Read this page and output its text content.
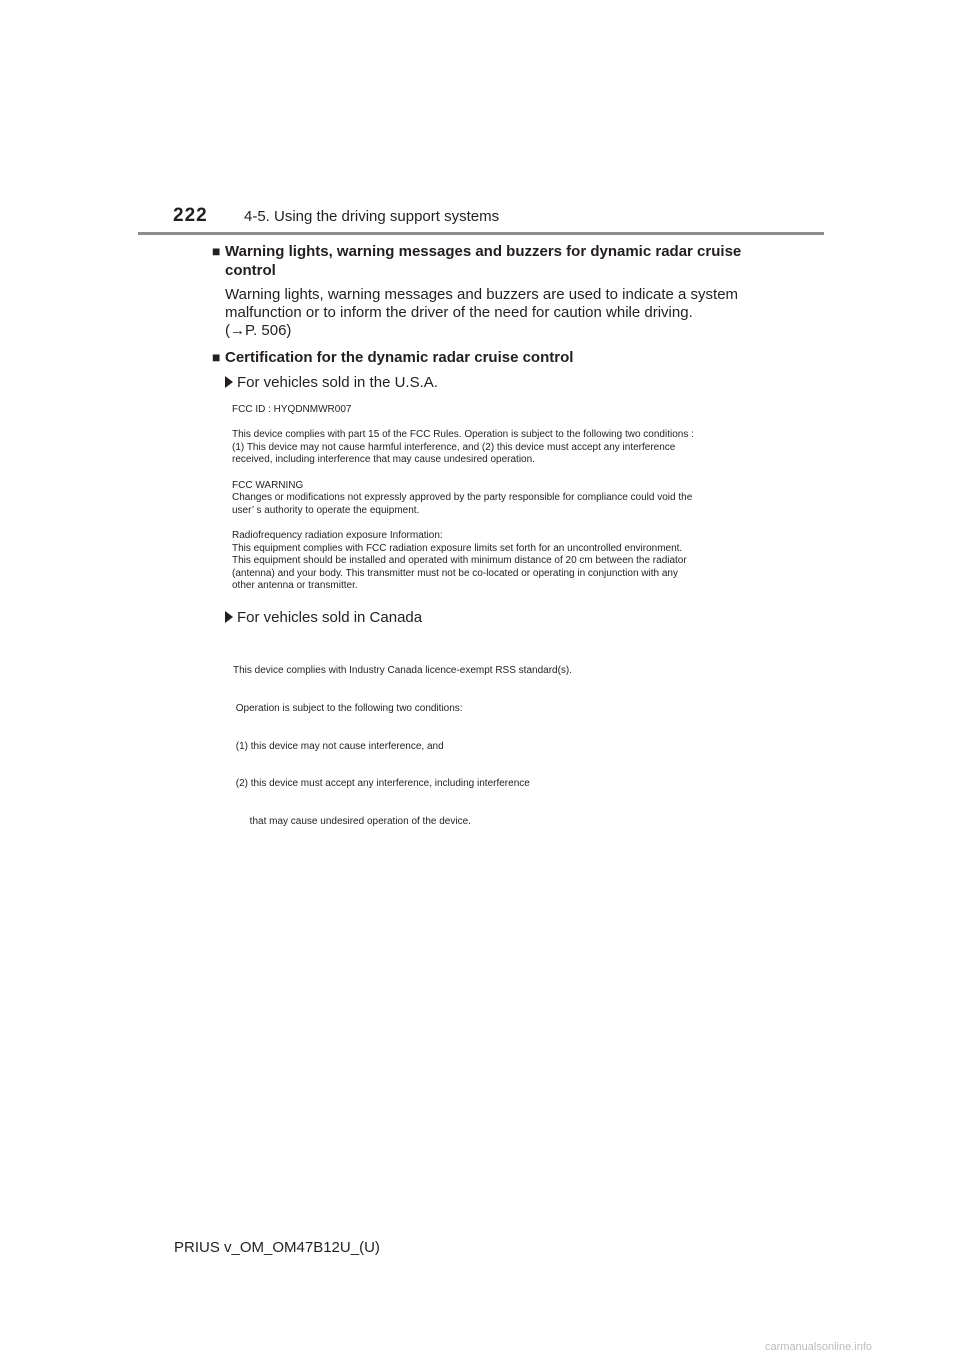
222 4-5. Using the driving support systems
■ Warning lights, warning messages and buzzers for dynamic radar cruise
control
Warning lights, warning messages and buzzers are used to indicate a system
malfunction or to inform the driver of the need for caution while driving.
(→P. 506)
■ Certification for the dynamic radar cruise control
For vehicles sold in the U.S.A.

FCC ID : HYQDNMWR007

This device complies with part 15 of the FCC Rules. Operation is subject to the following two conditions :

(1) This device may not cause harmful interference, and (2) this device must accept any interference

received, including interference that may cause undesired operation.

FCC WARNING

Changes or modifications not expressly approved by the party responsible for compliance could void the

user’ s authority to operate the equipment.

Radiofrequency radiation exposure Information:

This equipment complies with FCC radiation exposure limits set forth for an uncontrolled environment.

This equipment should be installed and operated with minimum distance of 20 cm between the radiator

(antenna) and your body. This transmitter must not be co-located or operating in conjunction with any

other antenna or transmitter.

For vehicles sold in Canada

This device complies with Industry Canada licence-exempt RSS standard(s).

Operation is subject to the following two conditions:

(1) this device may not cause interference, and

(2) this device must accept any interference, including interference

that may cause undesired operation of the device.

PRIUS v_OM_OM47B12U_(U)
carmanualsonline.info
